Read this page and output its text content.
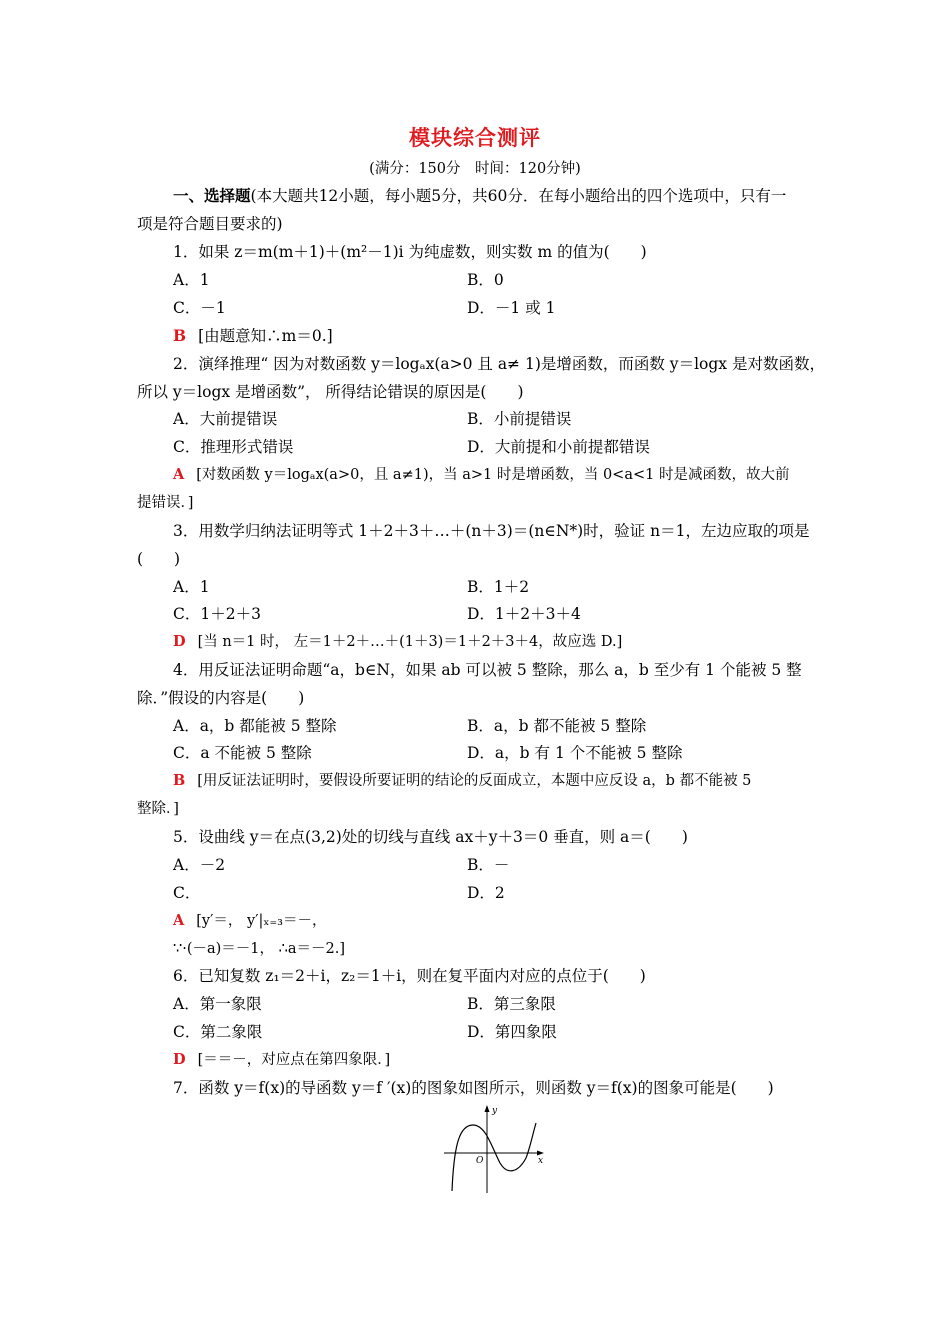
模块综合测评
(满分：150分　时间：120分钟)
一、选择题(本大题共12小题，每小题5分，共60分．在每小题给出的四个选项中，只有一
项是符合题目要求的)
1．如果 z＝m(m＋1)＋(m²－1)i 为纯虚数，则实数 m 的值为(　　)
A．1	B．0
C．－1	D．－1 或 1
B [由题意知∴m＝0.]
2．演绎推理“ 因为对数函数 y＝logₐx(a>0 且 a≠ 1)是增函数，而函数 y＝logx 是对数函数，
所以 y＝logx 是增函数”， 所得结论错误的原因是(　　)
A．大前提错误	B．小前提错误
C．推理形式错误	D．大前提和小前提都错误
A [对数函数 y＝logₐx(a>0，且 a≠1)，当 a>1 时是增函数，当 0<a<1 时是减函数，故大前
提错误．]
3．用数学归纳法证明等式 1＋2＋3＋…＋(n＋3)＝(n∈N*)时，验证 n＝1，左边应取的项是
(　　)
A．1	B．1＋2
C．1＋2＋3	D．1＋2＋3＋4
D [当 n＝1 时， 左＝1＋2＋…＋(1＋3)＝1＋2＋3＋4，故应选 D.]
4．用反证法证明命题“a，b∈N，如果 ab 可以被 5 整除，那么 a，b 至少有 1 个能被 5 整
除．”假设的内容是(　　)
A．a，b 都能被 5 整除	B．a，b 都不能被 5 整除
C．a 不能被 5 整除	D．a，b 有 1 个不能被 5 整除
B [用反证法证明时，要假设所要证明的结论的反面成立，本题中应反设 a，b 都不能被 5
整除．]
5．设曲线 y＝在点(3,2)处的切线与直线 ax＋y＋3＝0 垂直，则 a＝(　　)
A．－2	B．－
C．	D．2
A [y′＝， y′|ₓ₌₃＝－，
∵·(－a)＝－1， ∴a＝－2.]
6．已知复数 z₁＝2＋i，z₂＝1＋i，则在复平面内对应的点位于(　　)
A．第一象限	B．第三象限
C．第二象限	D．第四象限
D [＝＝－，对应点在第四象限．]
7．函数 y＝f(x)的导函数 y＝f ′(x)的图象如图所示，则函数 y＝f(x)的图象可能是(　　)
y
O	x
